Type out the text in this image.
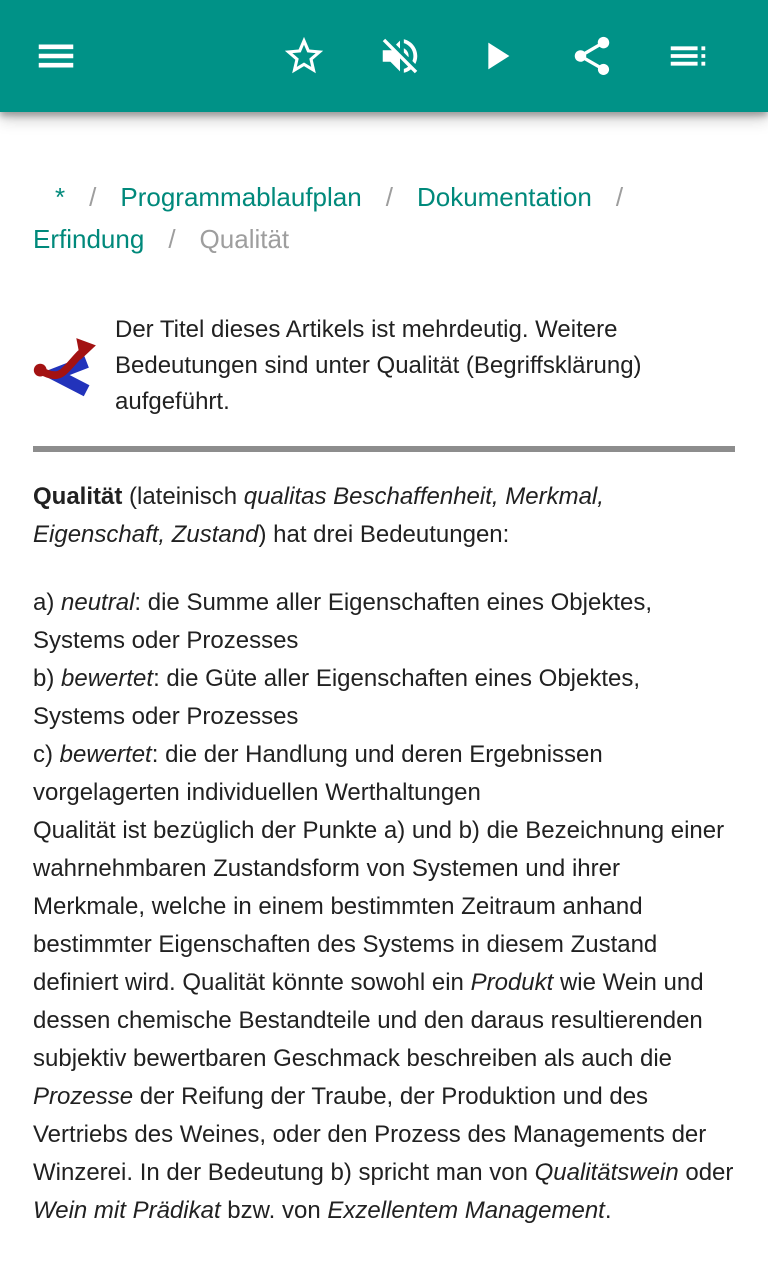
* / Programmablaufplan / Dokumentation /
Erfindung / Qualität

Der Titel dieses Artikels ist mehrdeutig. Weitere Bedeutungen sind unter Qualität (Begriffsklärung) aufgeführt.

Qualität (lateinisch qualitas Beschaffenheit, Merkmal, Eigenschaft, Zustand) hat drei Bedeutungen:

a) neutral: die Summe aller Eigenschaften eines Objektes, Systems oder Prozesses
b) bewertet: die Güte aller Eigenschaften eines Objektes, Systems oder Prozesses
c) bewertet: die der Handlung und deren Ergebnissen vorgelagerten individuellen Werthaltungen
Qualität ist bezüglich der Punkte a) und b) die Bezeichnung einer wahrnehmbaren Zustandsform von Systemen und ihrer Merkmale, welche in einem bestimmten Zeitraum anhand bestimmter Eigenschaften des Systems in diesem Zustand definiert wird. Qualität könnte sowohl ein Produkt wie Wein und dessen chemische Bestandteile und den daraus resultierenden subjektiv bewertbaren Geschmack beschreiben als auch die Prozesse der Reifung der Traube, der Produktion und des Vertriebs des Weines, oder den Prozess des Managements der Winzerei. In der Bedeutung b) spricht man von Qualitätswein oder Wein mit Prädikat bzw. von Exzellentem Management.
